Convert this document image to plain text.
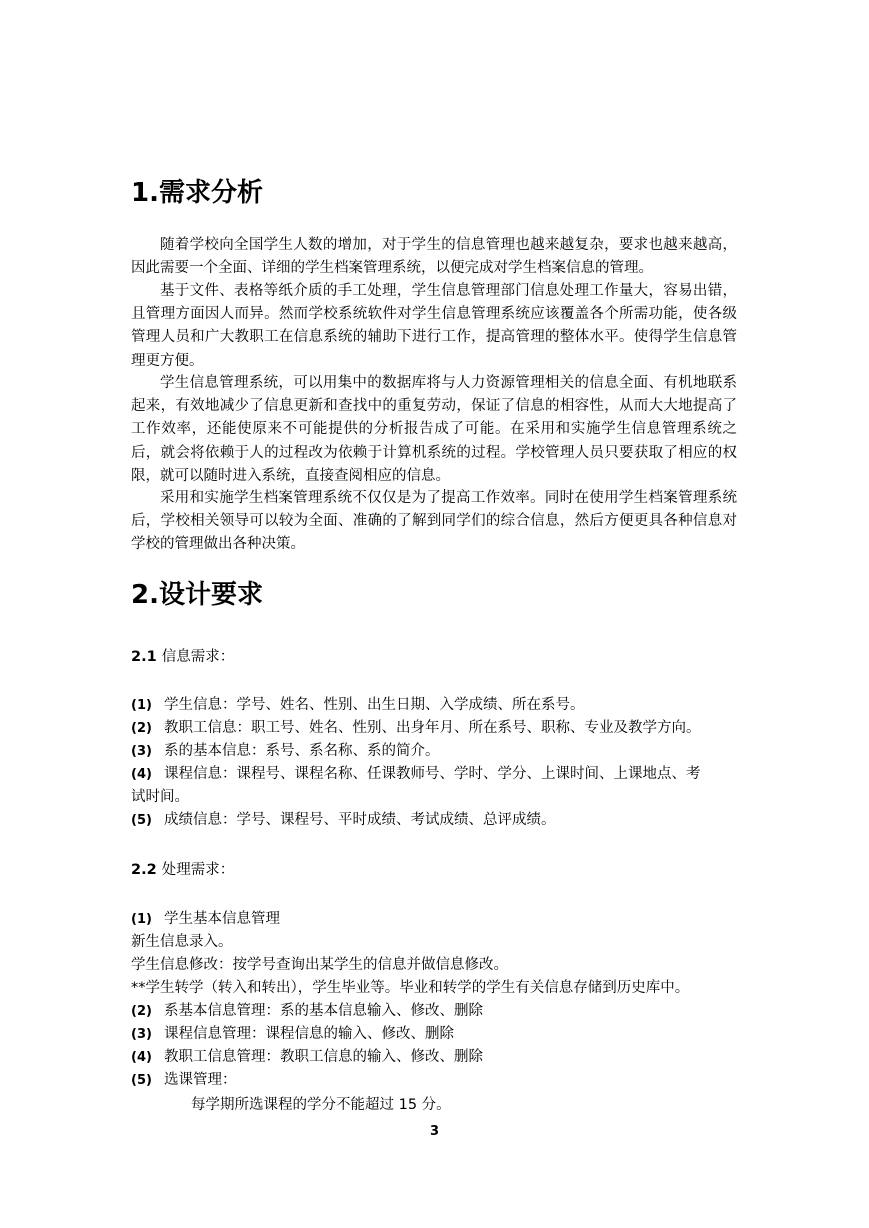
1.需求分析

随着学校向全国学生人数的增加，对于学生的信息管理也越来越复杂，要求也越来越高，因此需要一个全面、详细的学生档案管理系统，以便完成对学生档案信息的管理。

基于文件、表格等纸介质的手工处理，学生信息管理部门信息处理工作量大，容易出错，且管理方面因人而异。然而学校系统软件对学生信息管理系统应该覆盖各个所需功能，使各级管理人员和广大教职工在信息系统的辅助下进行工作，提高管理的整体水平。使得学生信息管理更方便。

学生信息管理系统，可以用集中的数据库将与人力资源管理相关的信息全面、有机地联系起来，有效地减少了信息更新和查找中的重复劳动，保证了信息的相容性，从而大大地提高了工作效率，还能使原来不可能提供的分析报告成了可能。在采用和实施学生信息管理系统之后，就会将依赖于人的过程改为依赖于计算机系统的过程。学校管理人员只要获取了相应的权限，就可以随时进入系统，直接查阅相应的信息。

采用和实施学生档案管理系统不仅仅是为了提高工作效率。同时在使用学生档案管理系统后，学校相关领导可以较为全面、准确的了解到同学们的综合信息，然后方便更具各种信息对学校的管理做出各种决策。

2.设计要求
2.1 信息需求：
(1) 学生信息：学号、姓名、性别、出生日期、入学成绩、所在系号。
(2) 教职工信息：职工号、姓名、性别、出身年月、所在系号、职称、专业及教学方向。
(3) 系的基本信息：系号、系名称、系的简介。
(4) 课程信息：课程号、课程名称、任课教师号、学时、学分、上课时间、上课地点、考
试时间。
(5) 成绩信息：学号、课程号、平时成绩、考试成绩、总评成绩。
2.2 处理需求：
(1) 学生基本信息管理
新生信息录入。
学生信息修改：按学号查询出某学生的信息并做信息修改。
**学生转学（转入和转出），学生毕业等。毕业和转学的学生有关信息存储到历史库中。
(2) 系基本信息管理：系的基本信息输入、修改、删除
(3) 课程信息管理：课程信息的输入、修改、删除
(4) 教职工信息管理：教职工信息的输入、修改、删除
(5) 选课管理：
每学期所选课程的学分不能超过 15 分。
3
